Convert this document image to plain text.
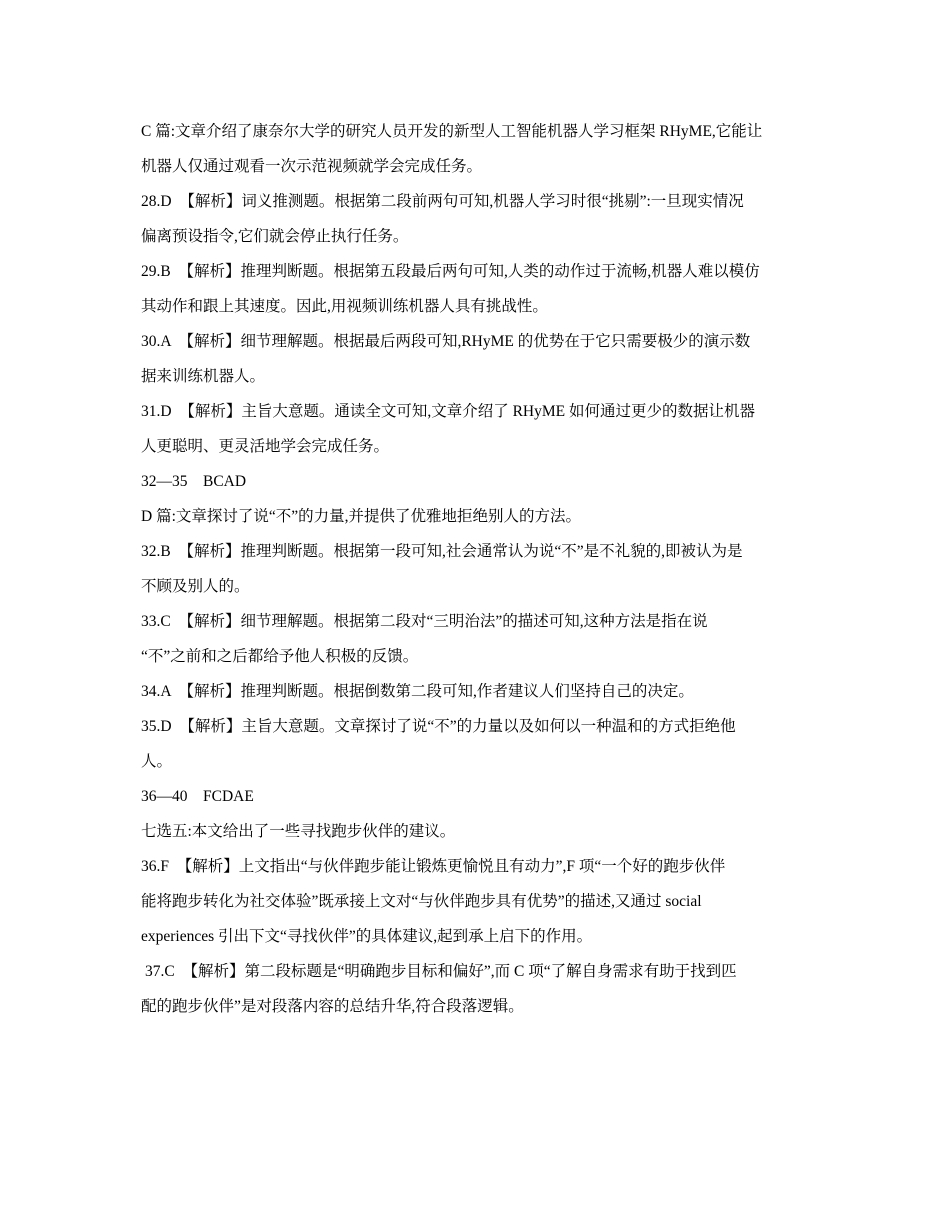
C 篇:文章介绍了康奈尔大学的研究人员开发的新型人工智能机器人学习框架 RHyME,它能让
机器人仅通过观看一次示范视频就学会完成任务。
28.D　【解析】词义推测题。根据第二段前两句可知,机器人学习时很“挑剔”:一旦现实情况
偏离预设指令,它们就会停止执行任务。
29.B　【解析】推理判断题。根据第五段最后两句可知,人类的动作过于流畅,机器人难以模仿
其动作和跟上其速度。因此,用视频训练机器人具有挑战性。
30.A　【解析】细节理解题。根据最后两段可知,RHyME 的优势在于它只需要极少的演示数
据来训练机器人。
31.D　【解析】主旨大意题。通读全文可知,文章介绍了 RHyME 如何通过更少的数据让机器
人更聪明、更灵活地学会完成任务。
32—35　BCAD
D 篇:文章探讨了说“不”的力量,并提供了优雅地拒绝别人的方法。
32.B　【解析】推理判断题。根据第一段可知,社会通常认为说“不”是不礼貌的,即被认为是
不顾及别人的。
33.C　【解析】细节理解题。根据第二段对“三明治法”的描述可知,这种方法是指在说
“不”之前和之后都给予他人积极的反馈。
34.A　【解析】推理判断题。根据倒数第二段可知,作者建议人们坚持自己的决定。
35.D　【解析】主旨大意题。文章探讨了说“不”的力量以及如何以一种温和的方式拒绝他
人。
36—40　FCDAE
七选五:本文给出了一些寻找跑步伙伴的建议。
36.F　【解析】上文指出“与伙伴跑步能让锻炼更愉悦且有动力”,F 项“一个好的跑步伙伴
能将跑步转化为社交体验”既承接上文对“与伙伴跑步具有优势”的描述,又通过 social
experiences 引出下文“寻找伙伴”的具体建议,起到承上启下的作用。
37.C　【解析】第二段标题是“明确跑步目标和偏好”,而 C 项“了解自身需求有助于找到匹
配的跑步伙伴”是对段落内容的总结升华,符合段落逻辑。
